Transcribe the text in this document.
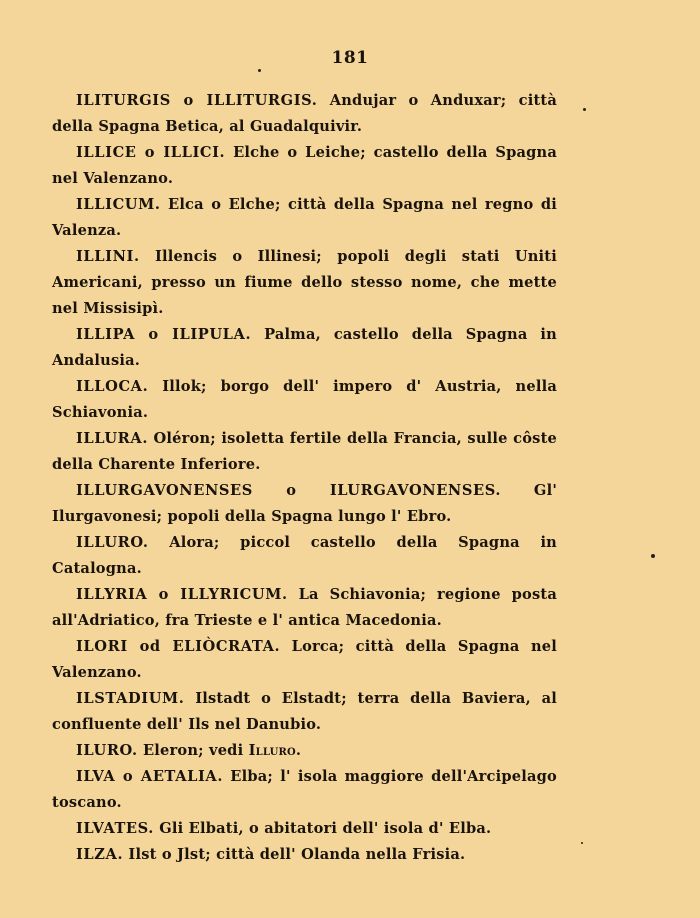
181

ILITURGIS o ILLITURGIS. Andujar o Anduxar; città della Spagna Betica, al Guadalquivir.

ILLICE o ILLICI. Elche o Leiche; castello della Spagna nel Valenzano.

ILLICUM. Elca o Elche; città della Spagna nel regno di Valenza.

ILLINI. Illencis o Illinesi; popoli degli stati Uniti Americani, presso un fiume dello stesso nome, che mette nel Missisipì.

ILLIPA o ILIPULA. Palma, castello della Spagna in Andalusia.

ILLOCA. Illok; borgo dell' impero d' Austria, nella Schiavonia.

ILLURA. Oléron; isoletta fertile della Francia, sulle côste della Charente Inferiore.

ILLURGAVONENSES o ILURGAVONENSES. Gl' Ilurgavonesi; popoli della Spagna lungo l' Ebro.

ILLURO. Alora; piccol castello della Spagna in Catalogna.

ILLYRIA o ILLYRICUM. La Schiavonia; regione posta all'Adriatico, fra Trieste e l' antica Macedonia.

ILORI od ELIÒCRATA. Lorca; città della Spagna nel Valenzano.

ILSTADIUM. Ilstadt o Elstadt; terra della Baviera, al confluente dell' Ils nel Danubio.

ILURO. Eleron; vedi Illuro.

ILVA o AETALIA. Elba; l' isola maggiore dell'Arcipelago toscano.

ILVATES. Gli Elbati, o abitatori dell' isola d' Elba.

ILZA. Ilst o Jlst; città dell' Olanda nella Frisia.
